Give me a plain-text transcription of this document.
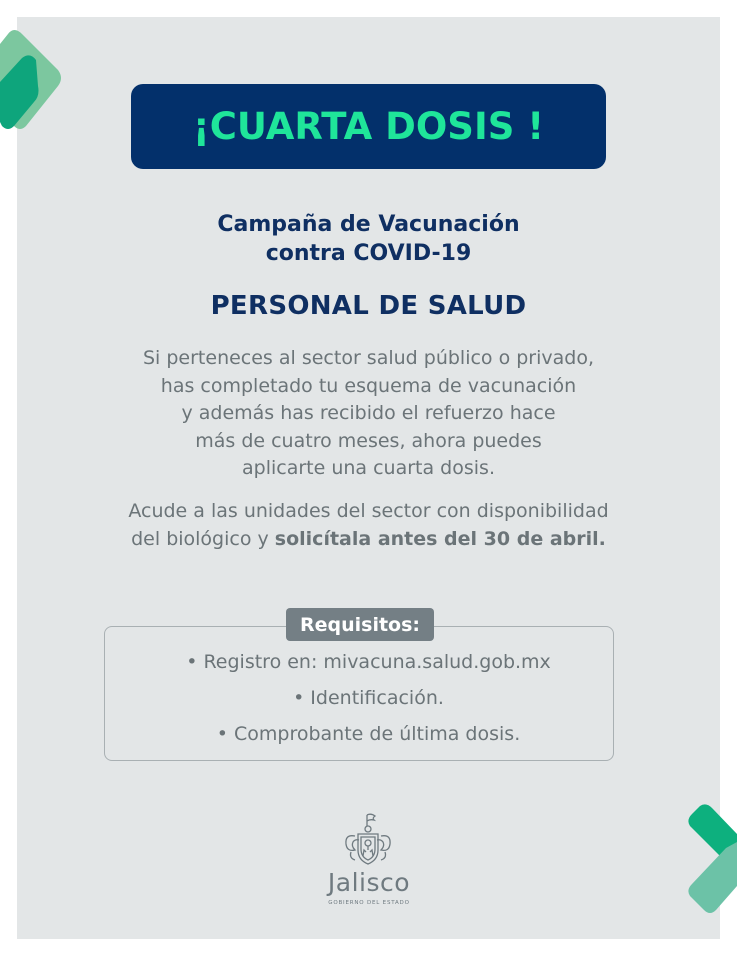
¡CUARTA DOSIS !
Campaña de Vacunación
contra COVID-19
PERSONAL DE SALUD
Si perteneces al sector salud público o privado,
has completado tu esquema de vacunación
y además has recibido el refuerzo hace
más de cuatro meses, ahora puedes
aplicarte una cuarta dosis.
Acude a las unidades del sector con disponibilidad
del biológico y solicítala antes del 30 de abril.
Requisitos:
• Registro en: mivacuna.salud.gob.mx
• Identificación.
• Comprobante de última dosis.
Jalisco
GOBIERNO DEL ESTADO
